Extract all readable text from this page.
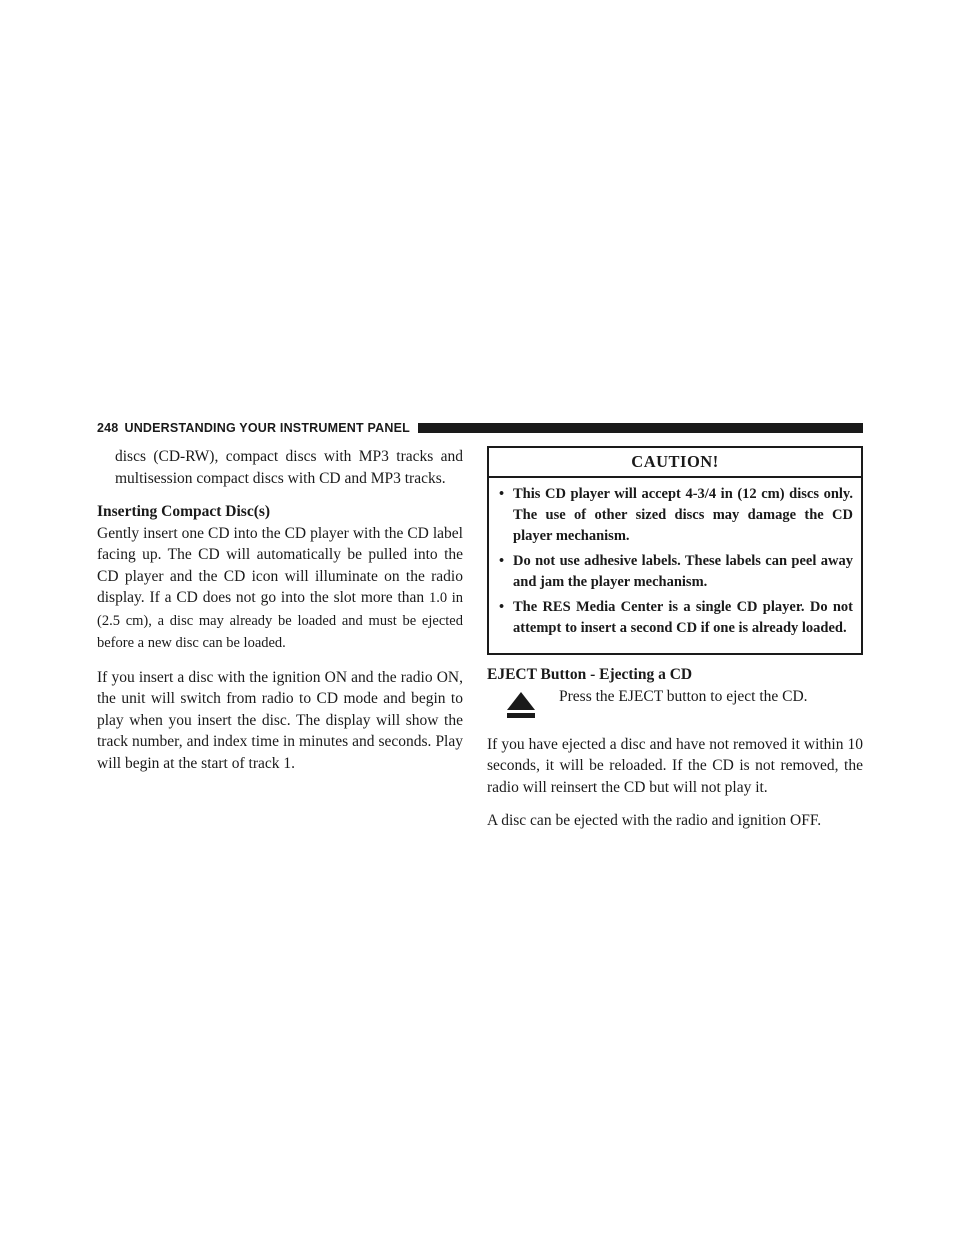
248 UNDERSTANDING YOUR INSTRUMENT PANEL

discs (CD-RW), compact discs with MP3 tracks and multisession compact discs with CD and MP3 tracks.

Inserting Compact Disc(s)

Gently insert one CD into the CD player with the CD label facing up. The CD will automatically be pulled into the CD player and the CD icon will illuminate on the radio display. If a CD does not go into the slot more than 1.0 in (2.5 cm), a disc may already be loaded and must be ejected before a new disc can be loaded.

If you insert a disc with the ignition ON and the radio ON, the unit will switch from radio to CD mode and begin to play when you insert the disc. The display will show the track number, and index time in minutes and seconds. Play will begin at the start of track 1.

CAUTION!
• This CD player will accept 4-3/4 in (12 cm) discs only. The use of other sized discs may damage the CD player mechanism.
• Do not use adhesive labels. These labels can peel away and jam the player mechanism.
• The RES Media Center is a single CD player. Do not attempt to insert a second CD if one is already loaded.
EJECT Button - Ejecting a CD
Press the EJECT button to eject the CD.

If you have ejected a disc and have not removed it within 10 seconds, it will be reloaded. If the CD is not removed, the radio will reinsert the CD but will not play it.

A disc can be ejected with the radio and ignition OFF.
